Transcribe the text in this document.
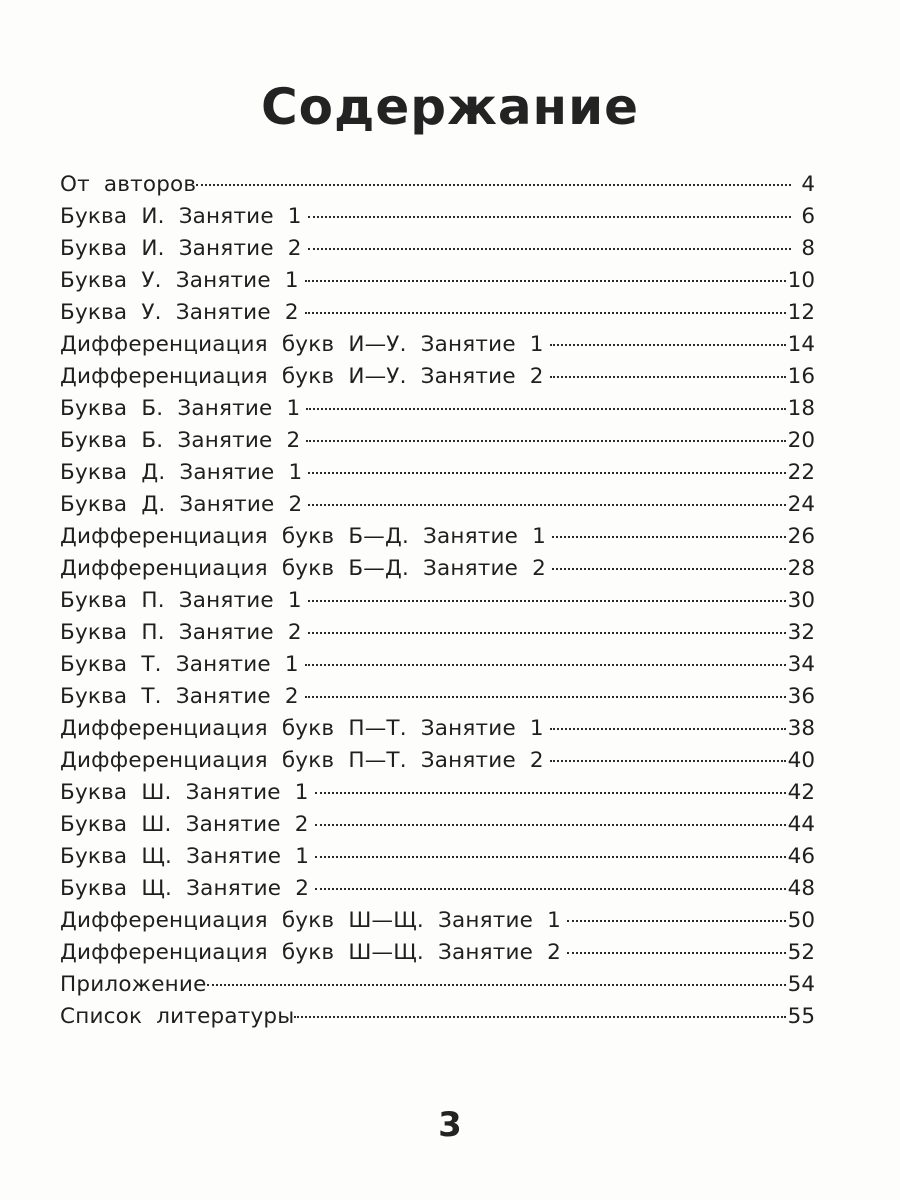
Содержание
От авторов	4
Буква И. Занятие 1	6
Буква И. Занятие 2	8
Буква У. Занятие 1	10
Буква У. Занятие 2	12
Дифференциация букв И—У. Занятие 1	14
Дифференциация букв И—У. Занятие 2	16
Буква Б. Занятие 1	18
Буква Б. Занятие 2	20
Буква Д. Занятие 1	22
Буква Д. Занятие 2	24
Дифференциация букв Б—Д. Занятие 1	26
Дифференциация букв Б—Д. Занятие 2	28
Буква П. Занятие 1	30
Буква П. Занятие 2	32
Буква Т. Занятие 1	34
Буква Т. Занятие 2	36
Дифференциация букв П—Т. Занятие 1	38
Дифференциация букв П—Т. Занятие 2	40
Буква Ш. Занятие 1	42
Буква Ш. Занятие 2	44
Буква Щ. Занятие 1	46
Буква Щ. Занятие 2	48
Дифференциация букв Ш—Щ. Занятие 1	50
Дифференциация букв Ш—Щ. Занятие 2	52
Приложение	54
Список литературы	55
3
